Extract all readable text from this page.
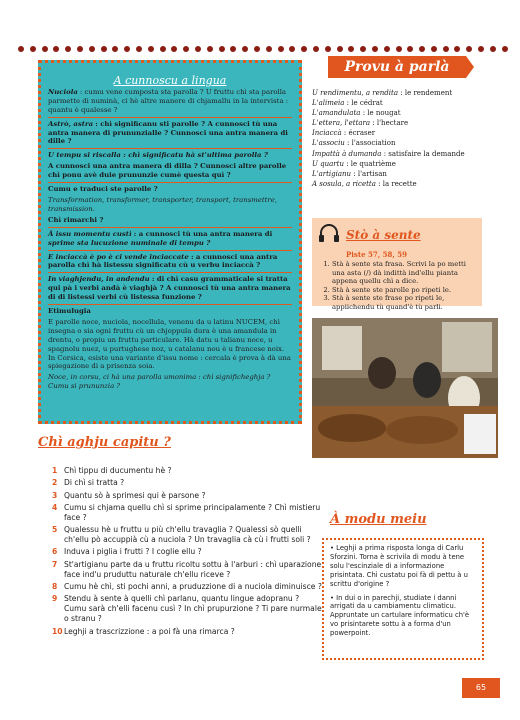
A cunnoscu a lingua

Nuciola : cumu vene cumposta sta parolla ? U fruttu chì sta parolla parmette di numinà, ci hè altre manere di chjamallu in la intervista : quantu è qualesse ?

Astrò, astra : chì significanu sti parolle ? A cunnosci tù una antra manera di prununzialle ? Cunnosci una antra manera di dille ?

U tempu si riscalla : chì significatu hà st'ultima parolla ?

A cunnosci una antra manera di dilla ? Cunnosci altre parolle chì ponu avè duie prununzie cumè questa quì ?

Cumu e traduci ste parolle ?

Transformation, transformer, transporter, transport, transmettre, transmission.

Chì rimarchi ?

À issu momentu custì : a cunnosci tù una antra manera di sprime sta lucuzione numinale di tempu ?

E inciaccà è po è ci vende inciaccate : a cunnosci una antra parolla chì hà listessu significatu cù u verbu inciaccà ?

In viaghjendu, in andendu : di chì casu grammaticale si tratta qui pà i verbi andà è viaghjà ? A cunnosci tù una antra manera di di listessi verbi cù listessa funzione ?

Etimulugia

E parolle noce, nuciola, nocellula, venenu da u latinu NUCEM, chì insegna o sia ogni fruttu cù un chjoppula dura è una amandula in drentu, o propiu un fruttu particulare. Hà datu u talianu noce, u spagnolu nuez, u purtughese noz, u catalanu nou è u francese noix. In Corsica, esiste una variante d'issu nome : cercala è prova à dà una spiegazione di a prisenza soia.

Noce, in corsu, ci hà una parolla umonima : chì significheghja ? Cumu si prununzia ?

Provu à parlà
U rendimentu, a rendita : le rendement
L'alimeia : le cédrat
L'amandulata : le nougat
L'ettera, l'ettara : l'hectare
Inciaccà : écraser
L'associu : l'association
Impattà à dumanda : satisfaire la demande
U quartu : le quatrième
L'artigianu : l'artisan
A sosula, a ricetta : la recette
Stò à sente
Piste 57, 58, 59
1. Stà à sente sta frasa. Scrivi la po metti una asta (/) dà indittà ind'ellu pianta appena quellu chì a dice.
2. Stà à sente ste parolle po ripeti le.
3. Stà à sente ste frase po ripeti le, appiichendu tù quand'è tù parli.
Chì aghju capitu ?
1 Chì tippu di ducumentu hè ?
2 Di chì si tratta ?
3 Quantu sò à sprimesi qui è parsone ?
4 Cumu si chjama quellu chì si sprime principalamente ? Chì mistieru face ?
5 Qualessu hè u fruttu u più ch'ellu travaglia ? Qualessi sò quelli ch'ellu pò accuppià cù a nuciola ? Un travaglia cà cù i frutti soli ?
6 Induva i piglia i frutti ? I coglie ellu ?
7 St'artigianu parte da u fruttu ricoltu sottu à l'arburi : chì uparazione face ind'u pruduttu naturale ch'ellu riceve ?
8 Cumu hè chì, sti pochi anni, a pruduzzione di a nuciola diminuisce ?
9 Stendu à sente à quelli chì parlanu, quantu lingue adopranu ? Cumu sarà ch'elli facenu cusì ? In chì prupurzione ? Ti pare nurmale o stranu ?
10 Leghji a trascrizzione : a poi fà una rimarca ?
À modu meiu

• Leghji a prima risposta longa di Carlu Sforzini. Torna è scrivila di modu à tene solu l'escinziale di a informazione prisintata. Chì custatu poi fà di pettu à u scrittu d'origine ?

• In dui o in parechji, studiate i danni arrigati da u cambiamentu climaticu. Appruntate un cartulare informaticu ch'è vo prisintarete sottu à a forma d'un powerpoint.

65
